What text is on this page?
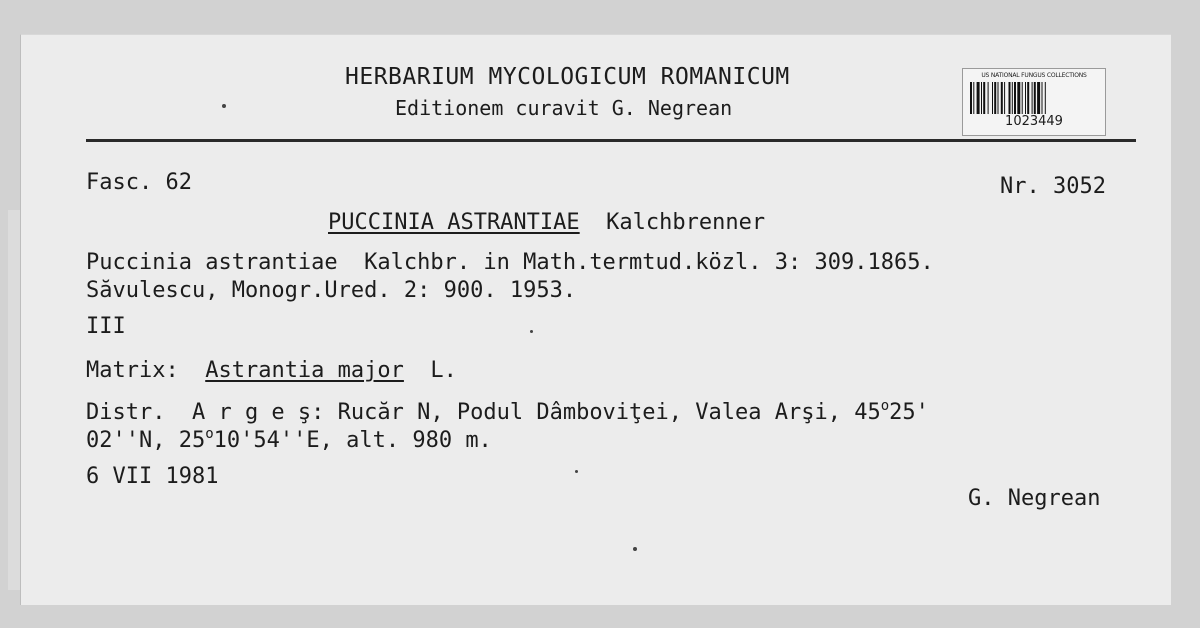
HERBARIUM MYCOLOGICUM ROMANICUM
Editionem curavit G. Negrean
US NATIONAL FUNGUS COLLECTIONS
1023449
Fasc. 62	Nr. 3052
PUCCINIA ASTRANTIAE Kalchbrenner
Puccinia astrantiae  Kalchbr. in Math.termtud.közl. 3: 309.1865.
Săvulescu, Monogr.Ured. 2: 900. 1953.
III
Matrix: Astrantia major L.
Distr.  A r g e ş: Rucăr N, Podul Dâmboviţei, Valea Arşi, 45$^o$25'
02''N, 25$^o$10'54''E, alt. 980 m.
6 VII 1981
G. Negrean
